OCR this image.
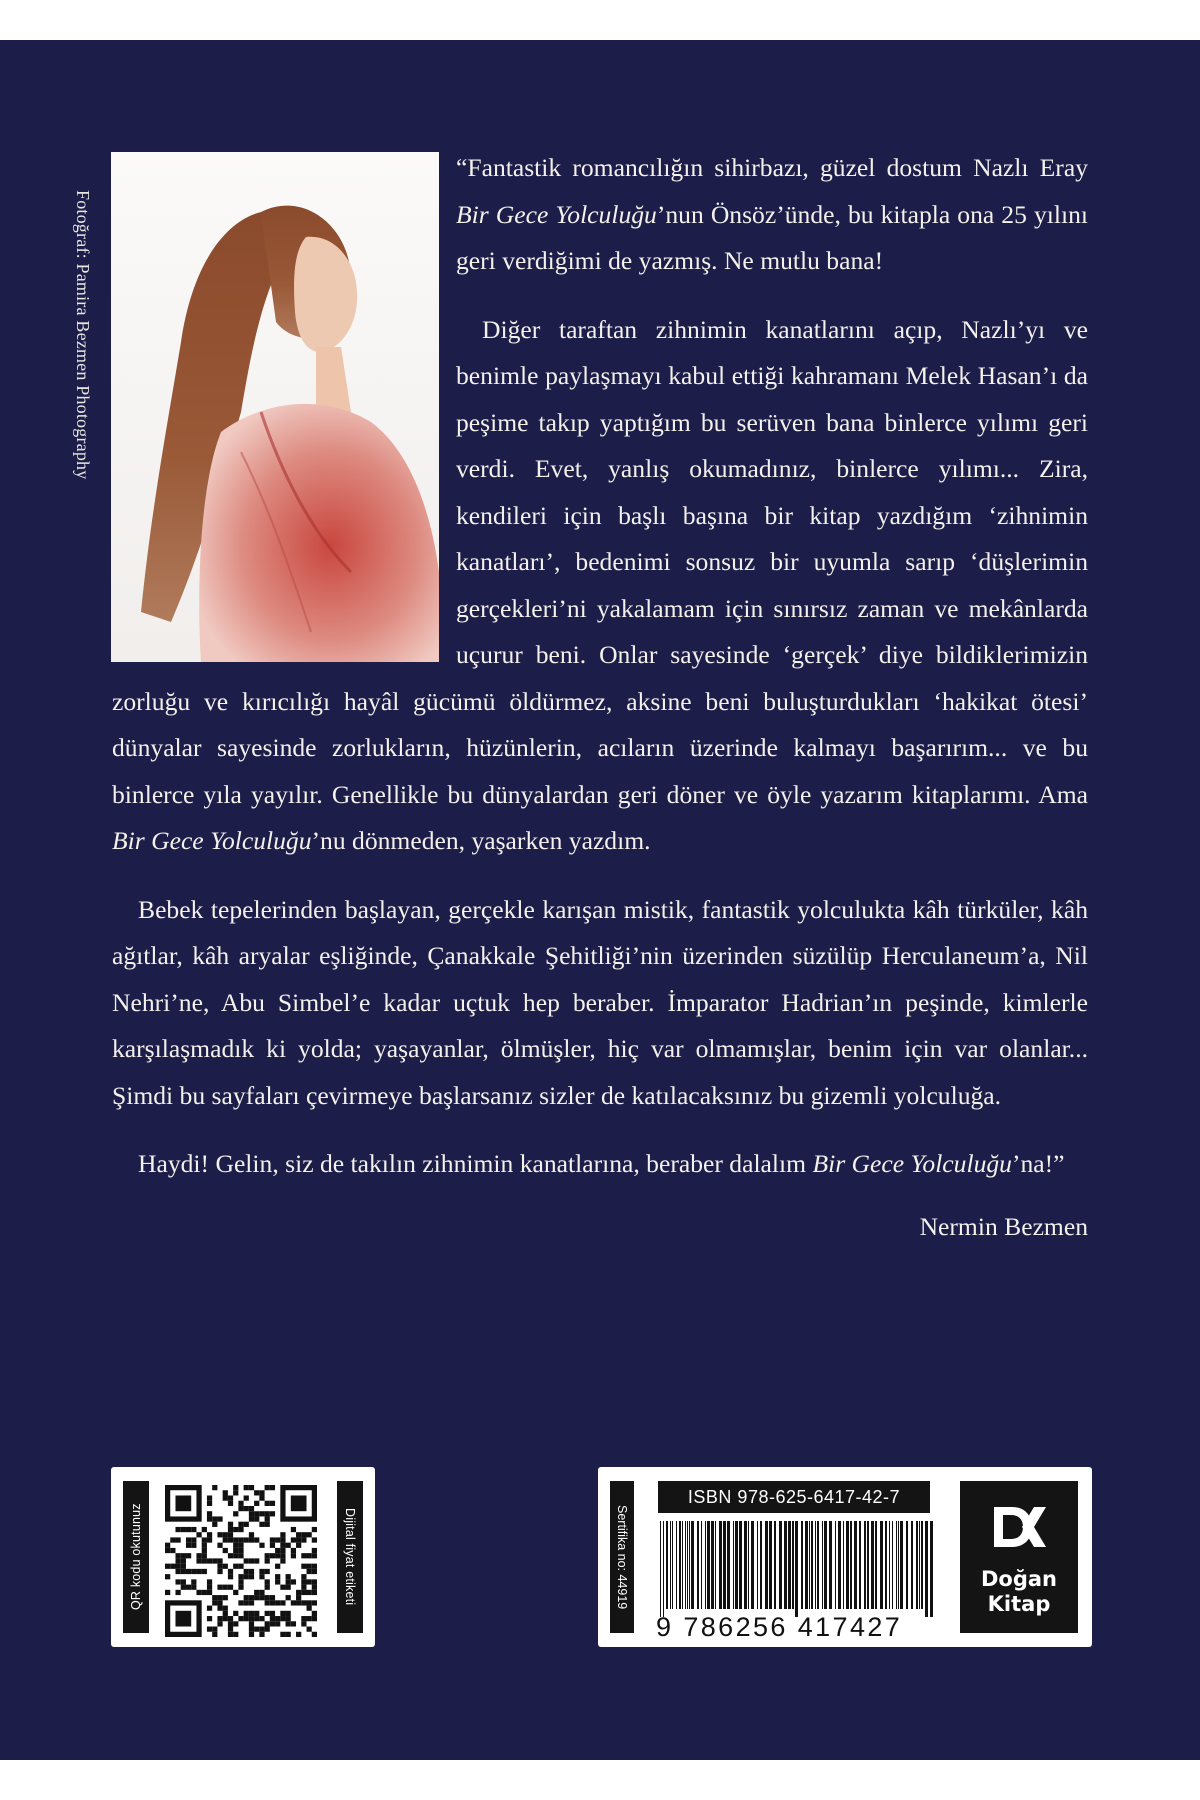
Fotoğraf: Pamira Bezmen Photography

“Fantastik romancılığın sihirbazı, güzel dostum Nazlı Eray Bir Gece Yolculuğu’nun Önsöz’ünde, bu kitapla ona 25 yılını geri verdiğimi de yazmış. Ne mutlu bana!

Diğer taraftan zihnimin kanatlarını açıp, Nazlı’yı ve benimle paylaşmayı kabul ettiği kahramanı Melek Hasan’ı da peşime takıp yaptığım bu serüven bana binlerce yılımı geri verdi. Evet, yanlış okumadınız, binlerce yılımı... Zira, kendileri için başlı başına bir kitap yazdığım ‘zihnimin kanatları’, bedenimi sonsuz bir uyumla sarıp ‘düşlerimin gerçekleri’ni yakalamam için sınırsız zaman ve mekânlarda uçurur beni. Onlar sayesinde ‘gerçek’ diye bildiklerimizin zorluğu ve kırıcılığı hayâl gücümü öldürmez, aksine beni buluşturdukları ‘hakikat ötesi’ dünyalar sayesinde zorlukların, hüzünlerin, acıların üzerinde kalmayı başarırım... ve bu binlerce yıla yayılır. Genellikle bu dünyalardan geri döner ve öyle yazarım kitaplarımı. Ama Bir Gece Yolculuğu’nu dönmeden, yaşarken yazdım.

Bebek tepelerinden başlayan, gerçekle karışan mistik, fantastik yolculukta kâh türküler, kâh ağıtlar, kâh aryalar eşliğinde, Çanakkale Şehitliği’nin üzerinden süzülüp Herculaneum’a, Nil Nehri’ne, Abu Simbel’e kadar uçtuk hep beraber. İmparator Hadrian’ın peşinde, kimlerle karşılaşmadık ki yolda; yaşayanlar, ölmüşler, hiç var olmamışlar, benim için var olanlar... Şimdi bu sayfaları çevirmeye başlarsanız sizler de katılacaksınız bu gizemli yolculuğa.

Haydi! Gelin, siz de takılın zihnimin kanatlarına, beraber dalalım Bir Gece Yolculuğu’na!”

Nermin Bezmen

QR kodu okutunuz	Dijital fiyat etiketi	Sertifika no: 44919
ISBN 978-625-6417-42-7
9 786256 417427
Doğan
Kitap
